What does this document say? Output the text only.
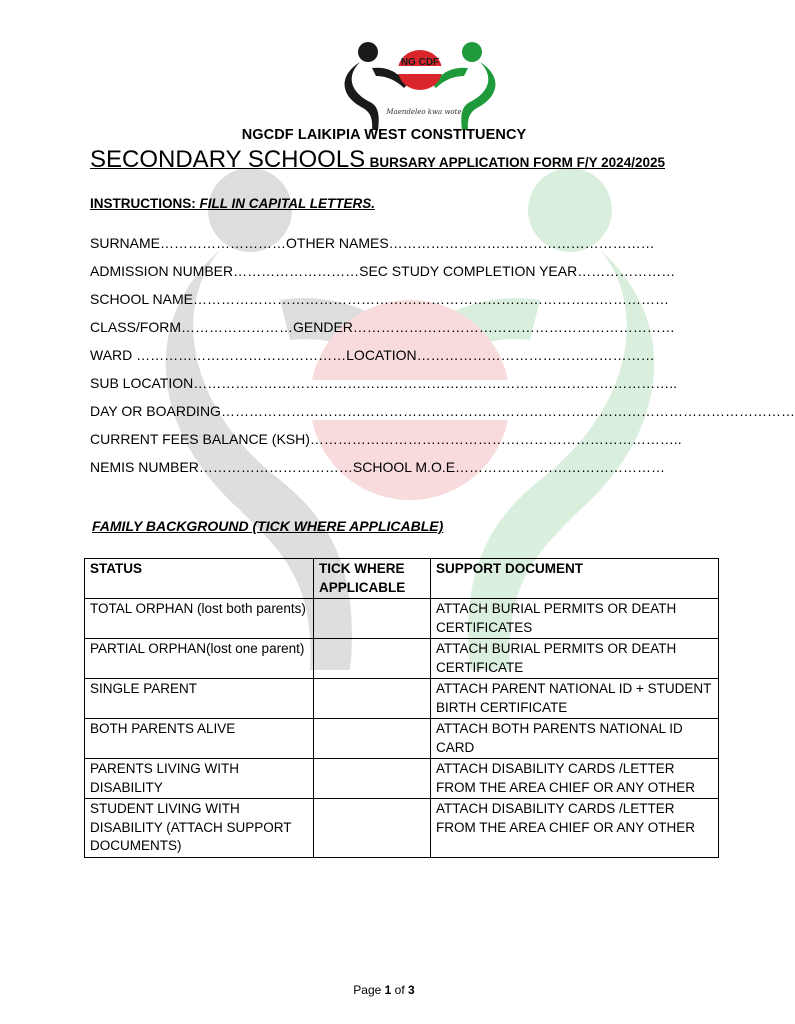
NG CDF
Maendeleo kwa wote
NGCDF LAIKIPIA WEST CONSTITUENCY
SECONDARY SCHOOLS BURSARY APPLICATION FORM F/Y 2024/2025
INSTRUCTIONS: FILL IN CAPITAL LETTERS.
SURNAME………………………OTHER NAMES…………………………………………………
ADMISSION NUMBER………………………SEC STUDY COMPLETION YEAR…………………
SCHOOL NAME…………………………………………………………………………………………
CLASS/FORM……………………GENDER……………………………………………………………
WARD ………………………………………LOCATION……………………………………………
SUB LOCATION…………………………………………………………………………………………..
DAY OR BOARDING……………………………………………………………………………………………………………
CURRENT FEES BALANCE (KSH)……………………………………………………………………..
NEMIS NUMBER……………………………SCHOOL M.O.E………………………………………
FAMILY BACKGROUND (TICK WHERE APPLICABLE)
STATUS	TICK WHERE APPLICABLE	SUPPORT DOCUMENT
TOTAL ORPHAN (lost both parents)		ATTACH BURIAL PERMITS OR DEATH CERTIFICATES
PARTIAL ORPHAN(lost one parent)		ATTACH BURIAL PERMITS OR DEATH CERTIFICATE
SINGLE PARENT		ATTACH PARENT NATIONAL ID + STUDENT BIRTH CERTIFICATE
BOTH PARENTS ALIVE		ATTACH BOTH PARENTS NATIONAL ID CARD
PARENTS LIVING WITH DISABILITY		ATTACH DISABILITY CARDS /LETTER FROM THE AREA CHIEF OR ANY OTHER
STUDENT LIVING WITH DISABILITY (ATTACH SUPPORT DOCUMENTS)		ATTACH DISABILITY CARDS /LETTER FROM THE AREA CHIEF OR ANY OTHER
Page 1 of 3
